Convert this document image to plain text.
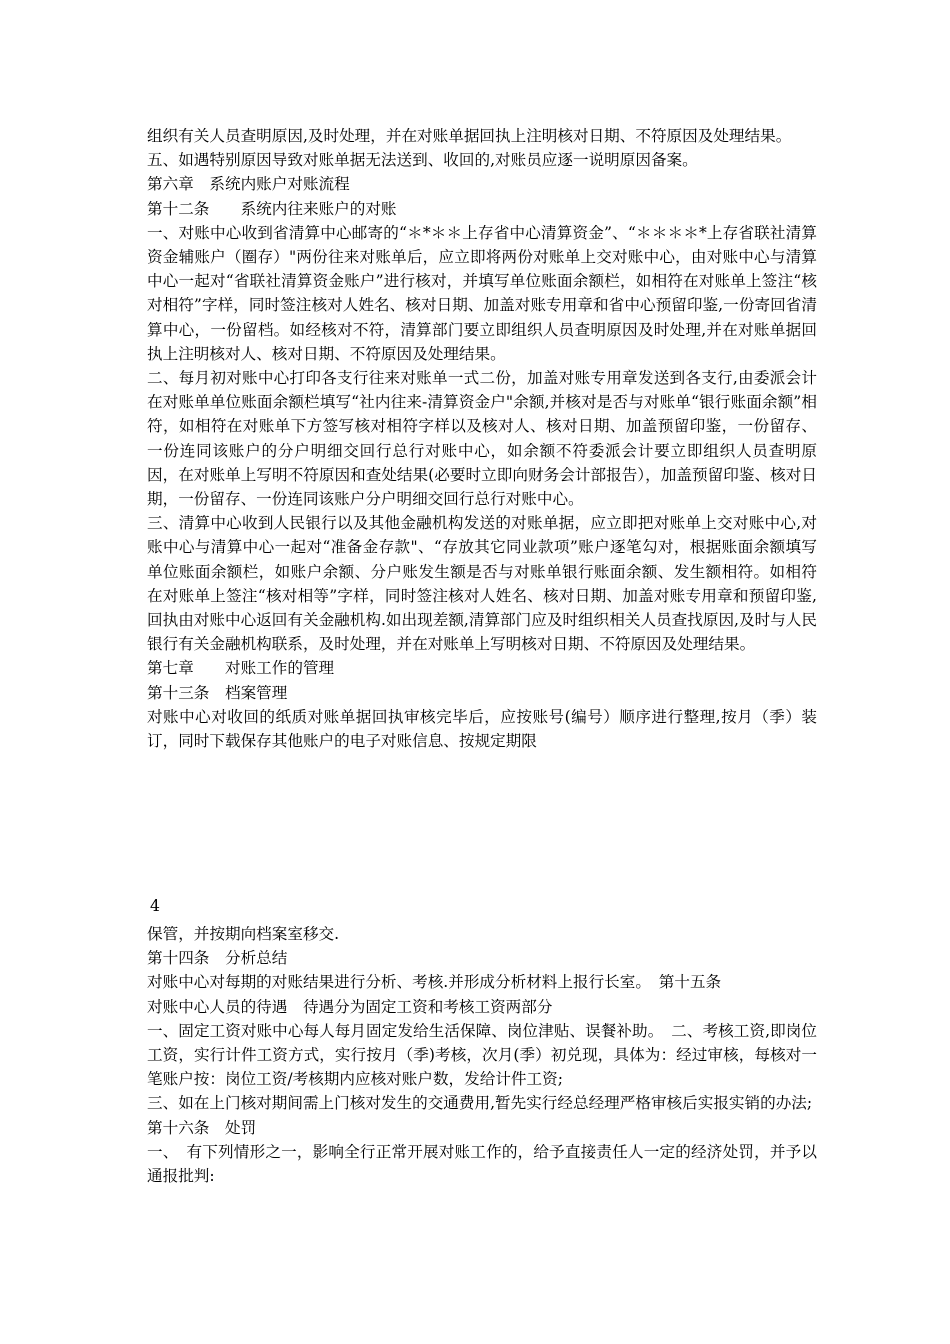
组织有关人员查明原因,及时处理，并在对账单据回执上注明核对日期、不符原因及处理结果。

五、如遇特别原因导致对账单据无法送到、收回的,对账员应逐一说明原因备案。

第六章　系统内账户对账流程

第十二条　　系统内往来账户的对账

一、对账中心收到省清算中心邮寄的“＊*＊＊上存省中心清算资金”、“＊＊＊＊*上存省联社清算资金辅账户（圈存）"两份往来对账单后，应立即将两份对账单上交对账中心，由对账中心与清算中心一起对“省联社清算资金账户”进行核对，并填写单位账面余额栏，如相符在对账单上签注“核对相符”字样，同时签注核对人姓名、核对日期、加盖对账专用章和省中心预留印鉴,一份寄回省清算中心，一份留档。如经核对不符，清算部门要立即组织人员查明原因及时处理,并在对账单据回执上注明核对人、核对日期、不符原因及处理结果。

二、每月初对账中心打印各支行往来对账单一式二份，加盖对账专用章发送到各支行,由委派会计在对账单单位账面余额栏填写“社内往来-清算资金户"余额,并核对是否与对账单“银行账面余额”相符，如相符在对账单下方签写核对相符字样以及核对人、核对日期、加盖预留印鉴，一份留存、一份连同该账户的分户明细交回行总行对账中心，如余额不符委派会计要立即组织人员查明原因，在对账单上写明不符原因和查处结果(必要时立即向财务会计部报告），加盖预留印鉴、核对日期，一份留存、一份连同该账户分户明细交回行总行对账中心。

三、清算中心收到人民银行以及其他金融机构发送的对账单据，应立即把对账单上交对账中心,对账中心与清算中心一起对“准备金存款"、“存放其它同业款项”账户逐笔勾对，根据账面余额填写单位账面余额栏，如账户余额、分户账发生额是否与对账单银行账面余额、发生额相符。如相符在对账单上签注“核对相等”字样，同时签注核对人姓名、核对日期、加盖对账专用章和预留印鉴,回执由对账中心返回有关金融机构.如出现差额,清算部门应及时组织相关人员查找原因,及时与人民银行有关金融机构联系，及时处理，并在对账单上写明核对日期、不符原因及处理结果。

第七章　　对账工作的管理

第十三条　档案管理

对账中心对收回的纸质对账单据回执审核完毕后，应按账号(编号）顺序进行整理,按月（季）装订，同时下载保存其他账户的电子对账信息、按规定期限

4

保管，并按期向档案室移交.

第十四条　分析总结

对账中心对每期的对账结果进行分析、考核.并形成分析材料上报行长室。　第十五条

对账中心人员的待遇　待遇分为固定工资和考核工资两部分

一、固定工资对账中心每人每月固定发给生活保障、岗位津贴、误餐补助。　二、考核工资,即岗位工资，实行计件工资方式，实行按月（季)考核，次月(季）初兑现，具体为：经过审核，每核对一笔账户按：岗位工资/考核期内应核对账户数，发给计件工资;

三、如在上门核对期间需上门核对发生的交通费用,暂先实行经总经理严格审核后实报实销的办法;

第十六条　处罚

一、　有下列情形之一，影响全行正常开展对账工作的，给予直接责任人一定的经济处罚，并予以通报批判:
